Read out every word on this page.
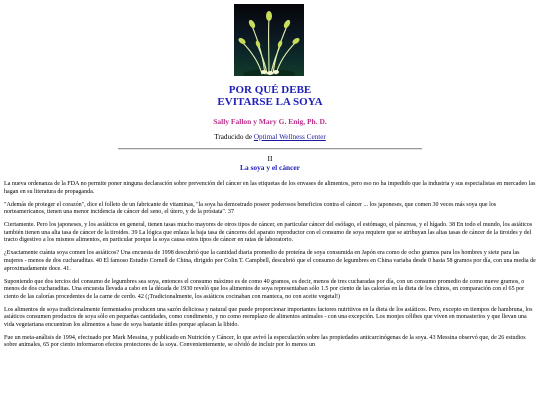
POR QUÉ DEBE
EVITARSE LA SOYA
Sally Fallon y Mary G. Enig, Ph. D.
Traducido de Optimal Wellness Center
II
La soya y el cáncer

La nueva ordenanza de la FDA no permite poner ninguna declaración sobre prevención del cáncer en las etiquetas de los envases de alimentos, pero eso no ha impedido que la industria y sus especialistas en mercadeo las hagan en su literatura de propaganda.

"Además de proteger el corazón", dice el folleto de un fabricante de vitaminas, "la soya ha demostrado poseer poderosos beneficios contra el cáncer ... los japoneses, que comen 30 veces más soya que los norteamericanos, tienen una menor incidencia de cáncer del seno, el útero, y de la próstata". 37

Ciertamente. Pero los japoneses, y los asiáticos en general, tienen tasas mucho mayores de otros tipos de cáncer, en particular cáncer del esófago, el estómago, el páncreas, y el hígado. 38 En todo el mundo, los asiáticos también tienen una alta tasa de cáncer de la tiroides. 39 La lógica que enlaza la baja tasa de cánceres del aparato reproductor con el consumo de soya requiere que se atribuyan las altas tasas de cáncer de la tiroides y del tracto digestivo a los mismos alimentos, en particular porque la soya causa estos tipos de cáncer en ratas de laboratorio.

¿Exactamente cuánta soya comen los asiáticos? Una encuesta de 1998 descubrió que la cantidad diaria promedio de proteína de soya consumida en Japón era como de ocho gramos para los hombres y siete para las mujeres - menos de dos cucharaditas. 40 El famoso Estudio Cornell de China, dirigido por Colin T. Campbell, descubrió que el consumo de legumbres en China variaba desde 0 hasta 58 gramos por día, con una media de aproximadamente doce. 41.

Suponiendo que dos tercios del consumo de legumbres sea soya, entonces el consumo máximo es de como 40 gramos, es decir, menos de tres cucharadas por día, con un consumo promedio de como nueve gramos, o menos de dos cucharaditas. Una encuesta llevada a cabo en la década de 1930 reveló que los alimentos de soya representaban sólo 1.5 por ciento de las calorías en la dieta de los chinos, en comparación con el 65 por ciento de las calorías procedentes de la carne de cerdo. 42 (¡Tradicionalmente, los asiáticos cocinaban con manteca, no con aceite vegetal!)

Los alimentos de soya tradicionalmente fermentados producen una sazón deliciosa y natural que puede proporcionar importantes factores nutritivos en la dieta de los asiáticos. Pero, excepto en tiempos de hambruna, los asiáticos consumen productos de soya sólo en pequeñas cantidades, como condimento, y no como reemplazo de alimentos animales - con una excepción. Los monjes célibes que viven en monasterios y que llevan una vida vegetariana encuentran los alimentos a base de soya bastante útiles porque aplacan la libido.

Fue un meta-análisis de 1994, efectuado por Mark Messina, y publicado en Nutrición y Cáncer, lo que avivó la especulación sobre las propiedades anticarcinógenas de la soya. 43 Messina observó que, de 26 estudios sobre animales, 65 por ciento informaron efectos protectores de la soya. Convenientemente, se olvidó de incluir por lo menos un
